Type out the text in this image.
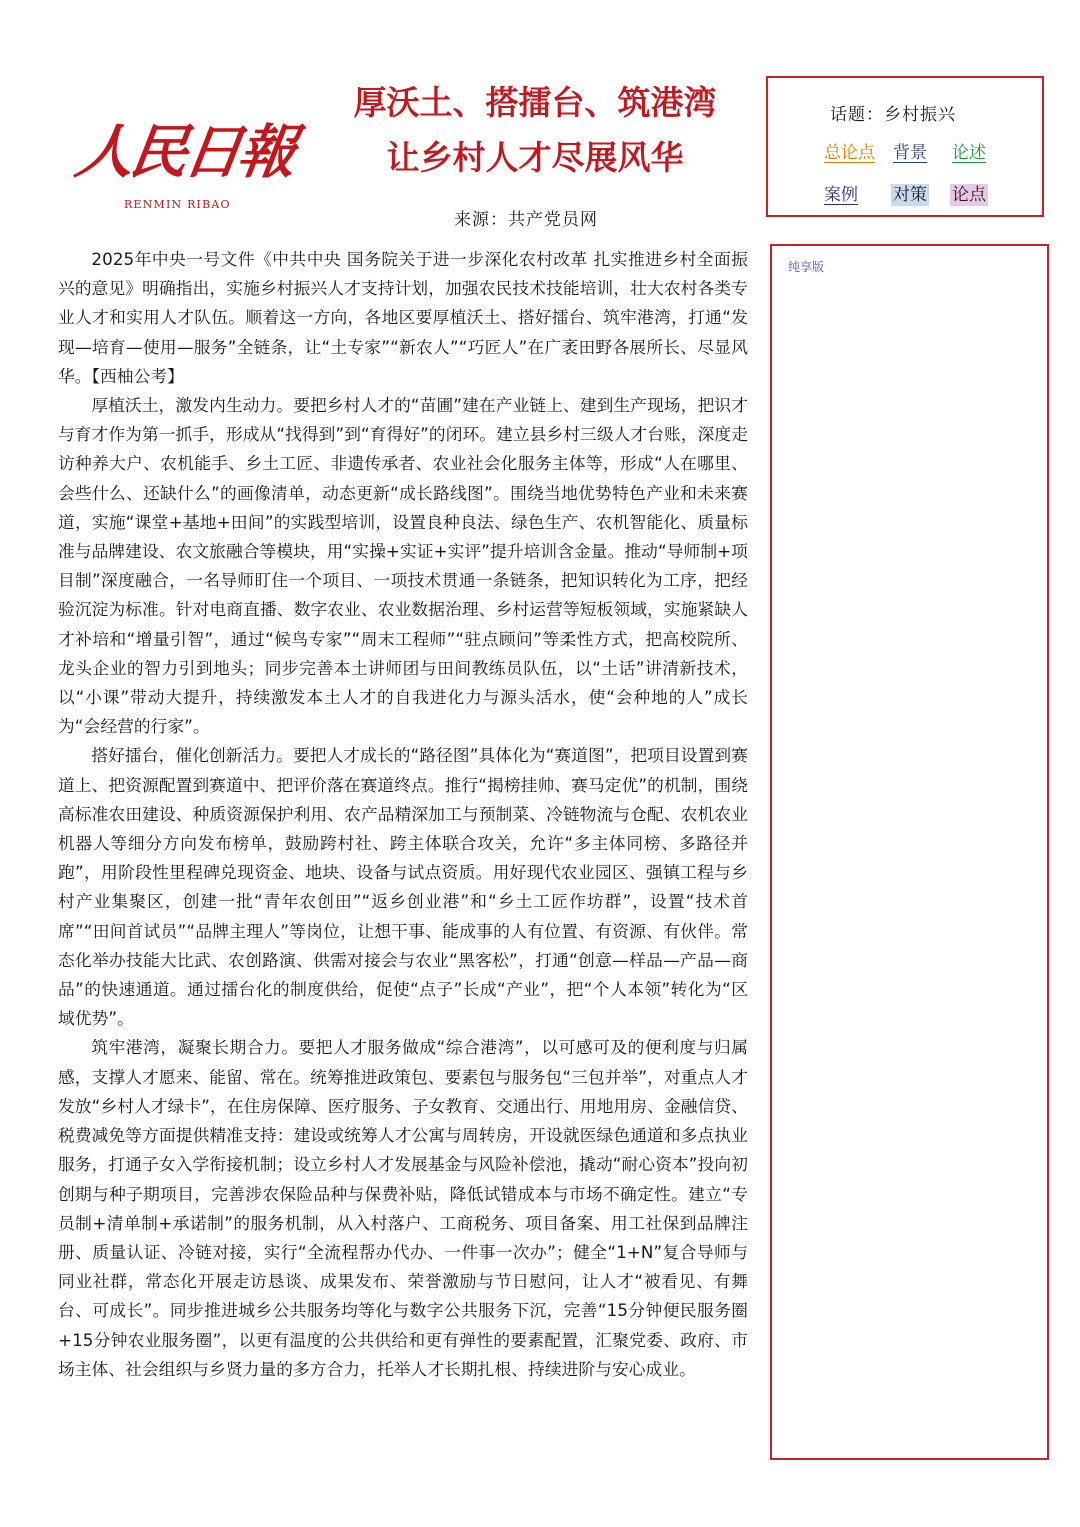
人民日報
RENMIN RIBAO
厚沃土、搭擂台、筑港湾
让乡村人才尽展风华
来源：共产党员网
话题：乡村振兴
总论点 背景 论述
案例 对策 论点
纯享版

2025年中央一号文件《中共中央 国务院关于进一步深化农村改革 扎实推进乡村全面振兴的意见》明确指出，实施乡村振兴人才支持计划，加强农民技术技能培训，壮大农村各类专业人才和实用人才队伍。顺着这一方向，各地区要厚植沃土、搭好擂台、筑牢港湾，打通“发现—培育—使用—服务”全链条，让“土专家”“新农人”“巧匠人”在广袤田野各展所长、尽显风华。【西柚公考】

厚植沃土，激发内生动力。要把乡村人才的“苗圃”建在产业链上、建到生产现场，把识才与育才作为第一抓手，形成从“找得到”到“育得好”的闭环。建立县乡村三级人才台账，深度走访种养大户、农机能手、乡土工匠、非遗传承者、农业社会化服务主体等，形成“人在哪里、会些什么、还缺什么”的画像清单，动态更新“成长路线图”。围绕当地优势特色产业和未来赛道，实施“课堂+基地+田间”的实践型培训，设置良种良法、绿色生产、农机智能化、质量标准与品牌建设、农文旅融合等模块，用“实操+实证+实评”提升培训含金量。推动“导师制+项目制”深度融合，一名导师盯住一个项目、一项技术贯通一条链条，把知识转化为工序，把经验沉淀为标准。针对电商直播、数字农业、农业数据治理、乡村运营等短板领域，实施紧缺人才补培和“增量引智”，通过“候鸟专家”“周末工程师”“驻点顾问”等柔性方式，把高校院所、龙头企业的智力引到地头；同步完善本土讲师团与田间教练员队伍，以“土话”讲清新技术，以“小课”带动大提升，持续激发本土人才的自我进化力与源头活水，使“会种地的人”成长为“会经营的行家”。

搭好擂台，催化创新活力。要把人才成长的“路径图”具体化为“赛道图”，把项目设置到赛道上、把资源配置到赛道中、把评价落在赛道终点。推行“揭榜挂帅、赛马定优”的机制，围绕高标准农田建设、种质资源保护利用、农产品精深加工与预制菜、冷链物流与仓配、农机农业机器人等细分方向发布榜单，鼓励跨村社、跨主体联合攻关，允许“多主体同榜、多路径并跑”，用阶段性里程碑兑现资金、地块、设备与试点资质。用好现代农业园区、强镇工程与乡村产业集聚区，创建一批“青年农创田”“返乡创业港”和“乡土工匠作坊群”，设置“技术首席”“田间首试员”“品牌主理人”等岗位，让想干事、能成事的人有位置、有资源、有伙伴。常态化举办技能大比武、农创路演、供需对接会与农业“黑客松”，打通“创意—样品—产品—商品”的快速通道。通过擂台化的制度供给，促使“点子”长成“产业”，把“个人本领”转化为“区域优势”。

筑牢港湾，凝聚长期合力。要把人才服务做成“综合港湾”，以可感可及的便利度与归属感，支撑人才愿来、能留、常在。统筹推进政策包、要素包与服务包“三包并举”，对重点人才发放“乡村人才绿卡”，在住房保障、医疗服务、子女教育、交通出行、用地用房、金融信贷、税费减免等方面提供精准支持：建设或统筹人才公寓与周转房，开设就医绿色通道和多点执业服务，打通子女入学衔接机制；设立乡村人才发展基金与风险补偿池，撬动“耐心资本”投向初创期与种子期项目，完善涉农保险品种与保费补贴，降低试错成本与市场不确定性。建立“专员制+清单制+承诺制”的服务机制，从入村落户、工商税务、项目备案、用工社保到品牌注册、质量认证、冷链对接，实行“全流程帮办代办、一件事一次办”；健全“1+N”复合导师与同业社群，常态化开展走访恳谈、成果发布、荣誉激励与节日慰问，让人才“被看见、有舞台、可成长”。同步推进城乡公共服务均等化与数字公共服务下沉，完善“15分钟便民服务圈+15分钟农业服务圈”，以更有温度的公共供给和更有弹性的要素配置，汇聚党委、政府、市场主体、社会组织与乡贤力量的多方合力，托举人才长期扎根、持续进阶与安心成业。
